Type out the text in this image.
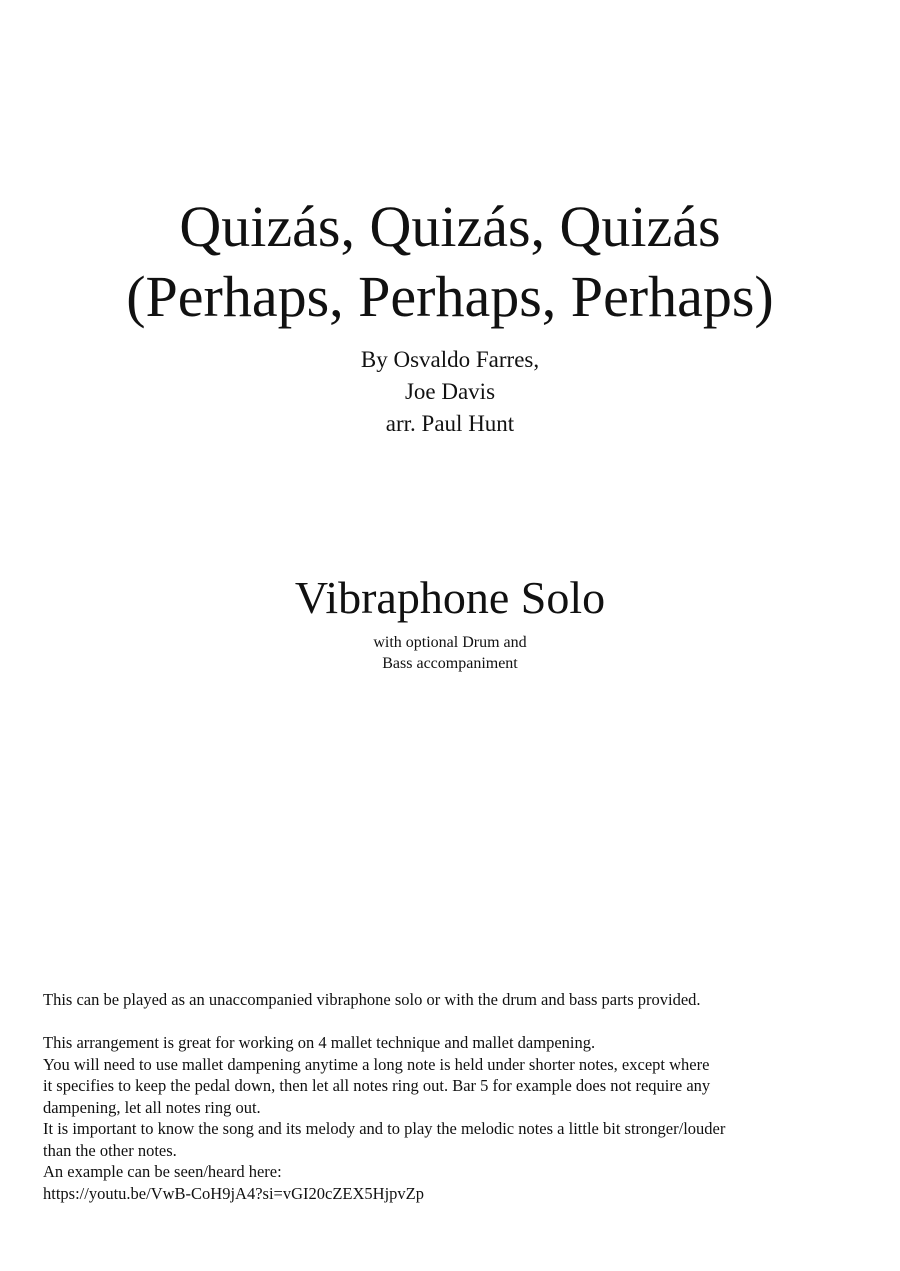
Quizás, Quizás, Quizás
(Perhaps, Perhaps, Perhaps)
By Osvaldo Farres,
Joe Davis
arr. Paul Hunt
Vibraphone Solo
with optional Drum and
Bass accompaniment

This can be played as an unaccompanied vibraphone solo or with the drum and bass parts provided.

This arrangement is great for working on 4 mallet technique and mallet dampening.

You will need to use mallet dampening anytime a long note is held under shorter notes, except where

it specifies to keep the pedal down, then let all notes ring out. Bar 5 for example does not require any

dampening, let all notes ring out.

It is important to know the song and its melody and to play the melodic notes a little bit stronger/louder

than the other notes.

An example can be seen/heard here:

https://youtu.be/VwB-CoH9jA4?si=vGI20cZEX5HjpvZp
